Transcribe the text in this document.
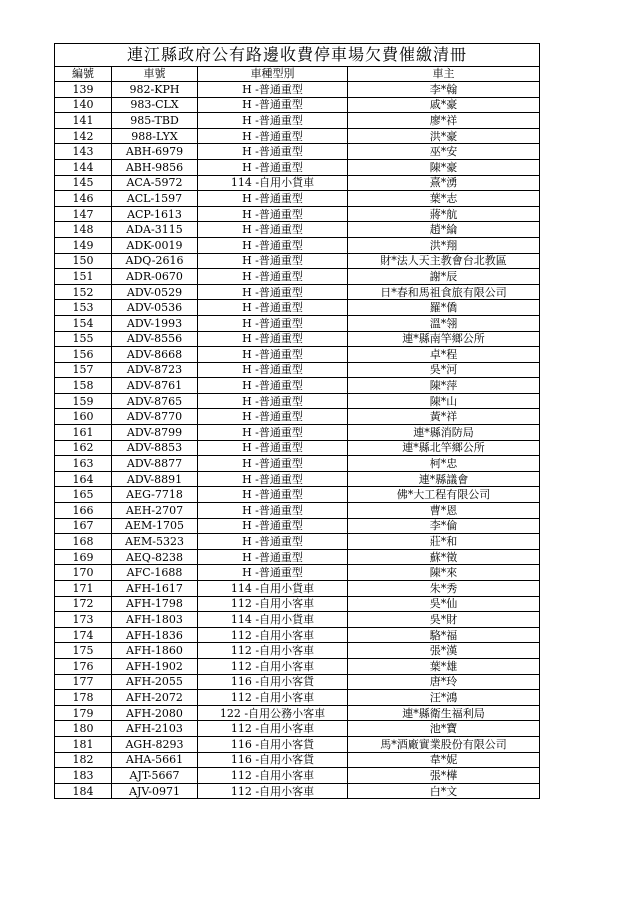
連江縣政府公有路邊收費停車場欠費催繳清冊			
編號	車號	車種型別	車主
139	982-KPH	H -普通重型	李*翰
140	983-CLX	H -普通重型	戚*豪
141	985-TBD	H -普通重型	廖*祥
142	988-LYX	H -普通重型	洪*豪
143	ABH-6979	H -普通重型	巫*安
144	ABH-9856	H -普通重型	陳*豪
145	ACA-5972	114 -自用小貨車	熹*湧
146	ACL-1597	H -普通重型	葉*志
147	ACP-1613	H -普通重型	蔣*航
148	ADA-3115	H -普通重型	趙*綸
149	ADK-0019	H -普通重型	洪*翔
150	ADQ-2616	H -普通重型	財*法人天主教會台北教區
151	ADR-0670	H -普通重型	謝*辰
152	ADV-0529	H -普通重型	日*春和馬祖食旅有限公司
153	ADV-0536	H -普通重型	羅*僑
154	ADV-1993	H -普通重型	溫*翎
155	ADV-8556	H -普通重型	連*縣南竿鄉公所
156	ADV-8668	H -普通重型	卓*程
157	ADV-8723	H -普通重型	吳*河
158	ADV-8761	H -普通重型	陳*萍
159	ADV-8765	H -普通重型	陳*山
160	ADV-8770	H -普通重型	黃*祥
161	ADV-8799	H -普通重型	連*縣消防局
162	ADV-8853	H -普通重型	連*縣北竿鄉公所
163	ADV-8877	H -普通重型	柯*忠
164	ADV-8891	H -普通重型	連*縣議會
165	AEG-7718	H -普通重型	佛*大工程有限公司
166	AEH-2707	H -普通重型	曹*恩
167	AEM-1705	H -普通重型	李*倫
168	AEM-5323	H -普通重型	莊*和
169	AEQ-8238	H -普通重型	蘇*徵
170	AFC-1688	H -普通重型	陳*來
171	AFH-1617	114 -自用小貨車	朱*秀
172	AFH-1798	112 -自用小客車	吳*仙
173	AFH-1803	114 -自用小貨車	吳*財
174	AFH-1836	112 -自用小客車	駱*福
175	AFH-1860	112 -自用小客車	張*漢
176	AFH-1902	112 -自用小客車	葉*雄
177	AFH-2055	116 -自用小客貨	唐*玲
178	AFH-2072	112 -自用小客車	汪*鴻
179	AFH-2080	122 -自用公務小客車	連*縣衛生福利局
180	AFH-2103	112 -自用小客車	池*寶
181	AGH-8293	116 -自用小客貨	馬*酒廠實業股份有限公司
182	AHA-5661	116 -自用小客貨	韋*妮
183	AJT-5667	112 -自用小客車	張*樺
184	AJV-0971	112 -自用小客車	白*文
